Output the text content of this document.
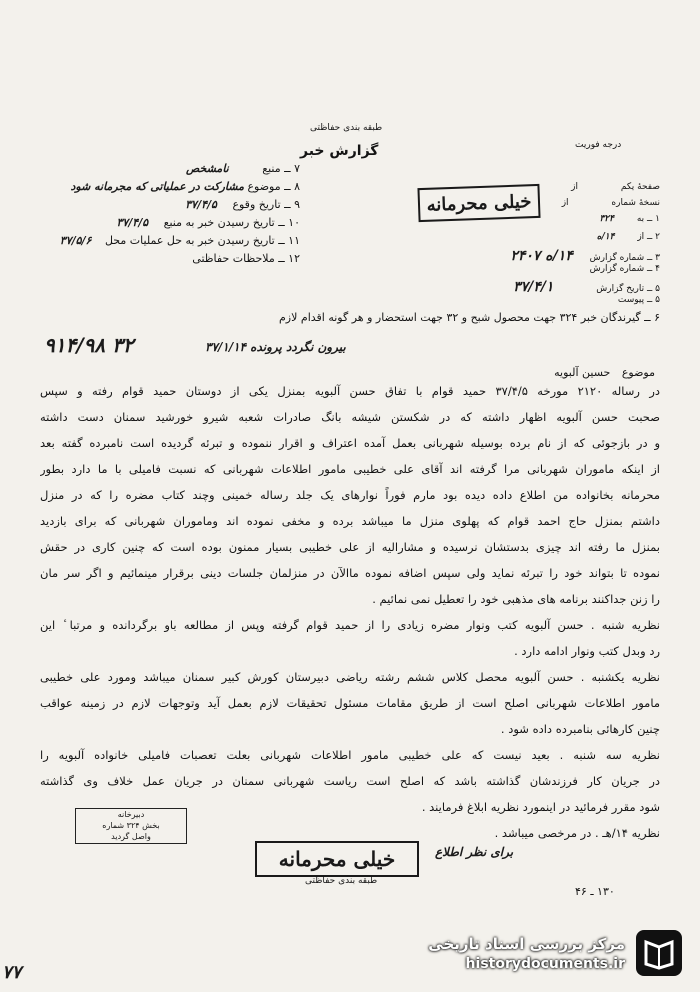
طبقه بندی حفاظتی
گزارش خبر	درجه فوریت
۷ ــ منبع نامشخص
۸ ــ موضوع مشارکت در عملیاتی که مجرمانه شود
۹ ــ تاریخ وقوع ۳۷/۴/۵
۱۰ ــ تاریخ رسیدن خبر به منبع ۳۷/۴/۵
۱۱ ــ تاریخ رسیدن خبر به حل عملیات محل ۳۷/۵/۶
۱۲ ــ ملاحظات حفاظتی
صفحهٔ یکم از
نسخهٔ شماره از
۱ ــ به ۳۲۴
۲ ــ از ۱۴/ه
۳ ــ شماره گزارش ۱۴/ه ۲۴۰۷
۴ ــ شماره گزارش
۵ ــ تاریخ گزارش ۳۷/۴/۱
۵ ــ پیوست
۶ ــ گیرندگان خبر ۳۲۴ جهت محصول شبح و ۳۲ جهت استحضار و هر گونه اقدام لازم
خیلی محرمانه
۹۱۴/۹۸ ۳۲	بیرون نگردد پرونده ۳۷/۱/۱۴
موضوع حسین آلبویه
در رساله ۲۱۲۰ مورخه ۳۷/۴/۵ حمید قوام با تفاق حسن آلبویه بمنزل یکی از دوستان حمید قوام رفته و سپس
صحبت حسن آلبویه اظهار داشته که در شکستن شیشه بانگ صادرات شعبه شیرو خورشید سمنان دست داشته
و در بازجوئی که از نام برده بوسیله شهربانی بعمل آمده اعتراف و اقرار ننموده و تبرئه گردیده است نامبرده گفته بعد
از اینکه ماموران شهربانی مرا گرفته اند آقای علی خطیبی مامور اطلاعات شهربانی که نسبت فامیلی با ما دارد بطور
محرمانه بخانواده من اطلاع داده دیده بود مارم فوراً نوارهای یک جلد رساله خمینی وچند کتاب مضره را که در منزل
داشتم بمنزل حاج احمد قوام که پهلوی منزل ما میباشد برده و مخفی نموده اند وماموران شهربانی که برای بازدید
بمنزل ما رفته اند چیزی بدستشان نرسیده و مشارالیه از علی خطیبی بسیار ممنون بوده است که چنین کاری در حقش
نموده تا بتواند خود را تبرئه نماید ولی سپس اضافه نموده ماالآن در منزلمان جلسات دینی برقرار مینمائیم و اگر سر مان
را زنن جداکنند برنامه های مذهبی خود را تعطیل نمی نمائیم .
نظریه شنبه . حسن آلبویه کتب ونوار مضره زیادی را از حمید قوام گرفته وپس از مطالعه باو برگردانده و مرتبا ٔ این
رد وبدل کتب ونوار ادامه دارد .
نظریه یکشنبه . حسن آلبویه محصل کلاس ششم رشته ریاضی دبیرستان کورش کبیر سمنان میباشد ومورد علی خطیبی
مامور اطلاعات شهربانی اصلح است از طریق مقامات مسئول تحقیقات لازم بعمل آید وتوجهات لازم در زمینه عواقب
چنین کارهائی بنامبرده داده شود .
نظریه سه شنبه . بعید نیست که علی خطیبی مامور اطلاعات شهربانی بعلت تعصبات فامیلی خانواده آلبویه را
در جریان کار فرزندشان گذاشته باشد که اصلح است ریاست شهربانی سمنان در جریان عمل خلاف وی گذاشته
شود مقرر فرمائید در اینمورد نظریه ابلاغ فرمایند .
نظریه ۱۴/هـ . در مرخصی میباشد .
دبیرخانه
بخش ۳۲۴ شماره
واصل گردید
خیلی محرمانه
طبقه بندی حفاظتی
برای نظر اطلاع
۱۳۰ ـ ۴۶
۷۷
مرکز بررسی اسناد تاریخی
historydocuments.ir
